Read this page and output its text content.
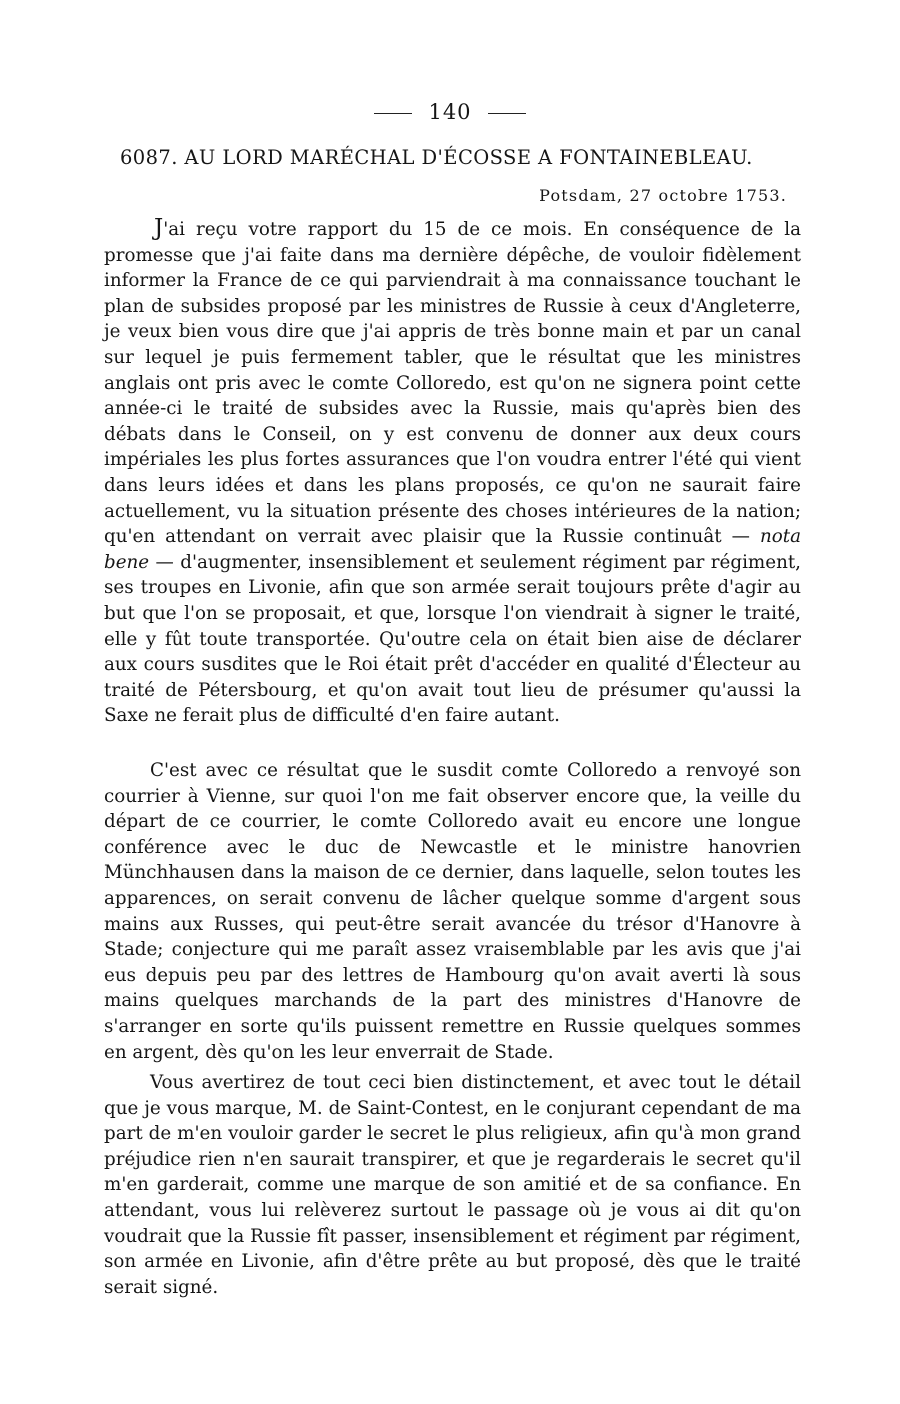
140
6087. AU LORD MARÉCHAL D'ÉCOSSE A FONTAINEBLEAU.
Potsdam, 27 octobre 1753.

J'ai reçu votre rapport du 15 de ce mois. En conséquence de la promesse que j'ai faite dans ma dernière dépêche, de vouloir fidèlement informer la France de ce qui parviendrait à ma connaissance touchant le plan de subsides proposé par les ministres de Russie à ceux d'Angleterre, je veux bien vous dire que j'ai appris de très bonne main et par un canal sur lequel je puis fermement tabler, que le résultat que les ministres anglais ont pris avec le comte Colloredo, est qu'on ne signera point cette année-ci le traité de subsides avec la Russie, mais qu'après bien des débats dans le Conseil, on y est convenu de donner aux deux cours impériales les plus fortes assurances que l'on voudra entrer l'été qui vient dans leurs idées et dans les plans proposés, ce qu'on ne saurait faire actuellement, vu la situation présente des choses intérieures de la nation; qu'en attendant on verrait avec plaisir que la Russie continuât — nota bene — d'augmenter, insensiblement et seulement régiment par régiment, ses troupes en Livonie, afin que son armée serait toujours prête d'agir au but que l'on se proposait, et que, lorsque l'on viendrait à signer le traité, elle y fût toute transportée. Qu'outre cela on était bien aise de déclarer aux cours susdites que le Roi était prêt d'accéder en qualité d'Électeur au traité de Pétersbourg, et qu'on avait tout lieu de présumer qu'aussi la Saxe ne ferait plus de difficulté d'en faire autant.

C'est avec ce résultat que le susdit comte Colloredo a renvoyé son courrier à Vienne, sur quoi l'on me fait observer encore que, la veille du départ de ce courrier, le comte Colloredo avait eu encore une longue conférence avec le duc de Newcastle et le ministre hanovrien Münchhausen dans la maison de ce dernier, dans laquelle, selon toutes les apparences, on serait convenu de lâcher quelque somme d'argent sous mains aux Russes, qui peut-être serait avancée du trésor d'Hanovre à Stade; conjecture qui me paraît assez vraisemblable par les avis que j'ai eus depuis peu par des lettres de Hambourg qu'on avait averti là sous mains quelques marchands de la part des ministres d'Hanovre de s'arranger en sorte qu'ils puissent remettre en Russie quelques sommes en argent, dès qu'on les leur enverrait de Stade.

Vous avertirez de tout ceci bien distinctement, et avec tout le détail que je vous marque, M. de Saint-Contest, en le conjurant cependant de ma part de m'en vouloir garder le secret le plus religieux, afin qu'à mon grand préjudice rien n'en saurait transpirer, et que je regarderais le secret qu'il m'en garderait, comme une marque de son amitié et de sa confiance. En attendant, vous lui relèverez surtout le passage où je vous ai dit qu'on voudrait que la Russie fît passer, insensiblement et régiment par régiment, son armée en Livonie, afin d'être prête au but proposé, dès que le traité serait signé.
